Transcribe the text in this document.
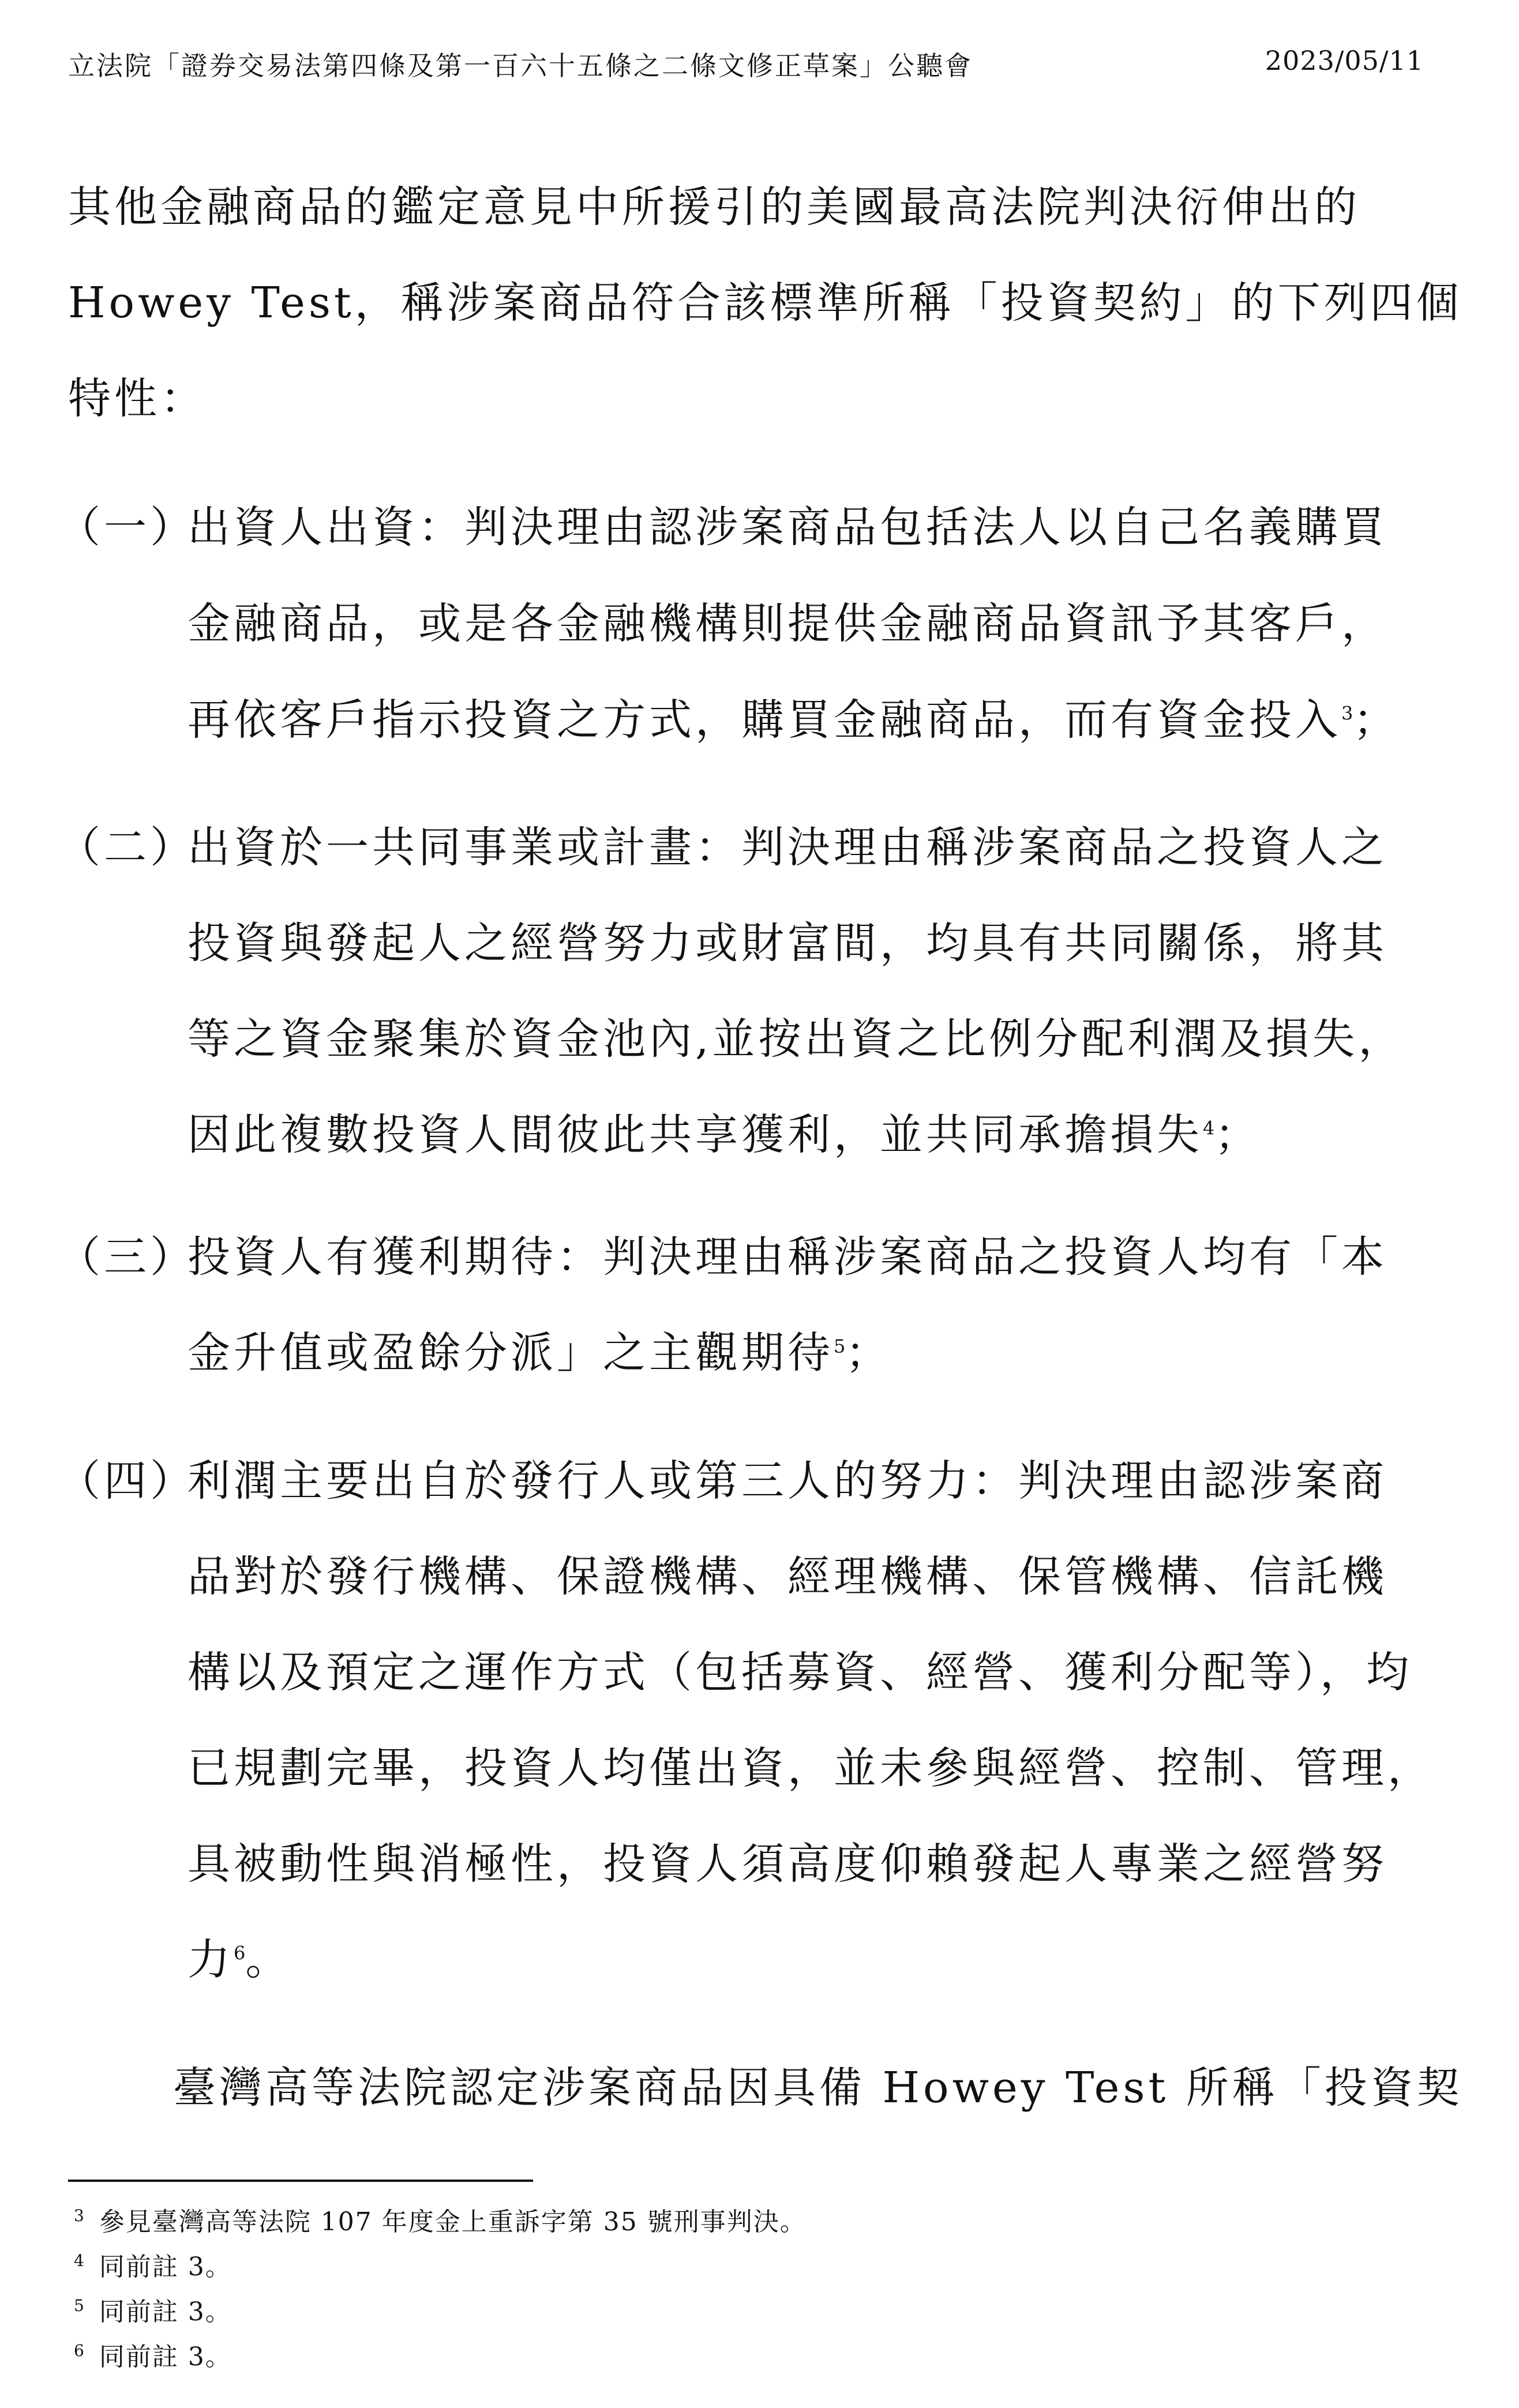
立法院「證券交易法第四條及第一百六十五條之二條文修正草案」公聽會	2023/05/11
其他金融商品的鑑定意見中所援引的美國最高法院判決衍伸出的
Howey Test，稱涉案商品符合該標準所稱「投資契約」的下列四個
特性：
（一）
出資人出資：判決理由認涉案商品包括法人以自己名義購買
金融商品，或是各金融機構則提供金融商品資訊予其客戶，
再依客戶指示投資之方式，購買金融商品，而有資金投入$^3$；
（二）
出資於一共同事業或計畫：判決理由稱涉案商品之投資人之
投資與發起人之經營努力或財富間，均具有共同關係，將其
等之資金聚集於資金池內,並按出資之比例分配利潤及損失，
因此複數投資人間彼此共享獲利，並共同承擔損失$^4$；
（三）
投資人有獲利期待：判決理由稱涉案商品之投資人均有「本
金升值或盈餘分派」之主觀期待$^5$；
（四）
利潤主要出自於發行人或第三人的努力：判決理由認涉案商
品對於發行機構、保證機構、經理機構、保管機構、信託機
構以及預定之運作方式（包括募資、經營、獲利分配等），均
已規劃完畢，投資人均僅出資，並未參與經營、控制、管理，
具被動性與消極性，投資人須高度仰賴發起人專業之經營努
力$^6$。
臺灣高等法院認定涉案商品因具備 Howey Test 所稱「投資契
$^3$ 參見臺灣高等法院 107 年度金上重訴字第 35 號刑事判決。
$^4$ 同前註 3。
$^5$ 同前註 3。
$^6$ 同前註 3。
